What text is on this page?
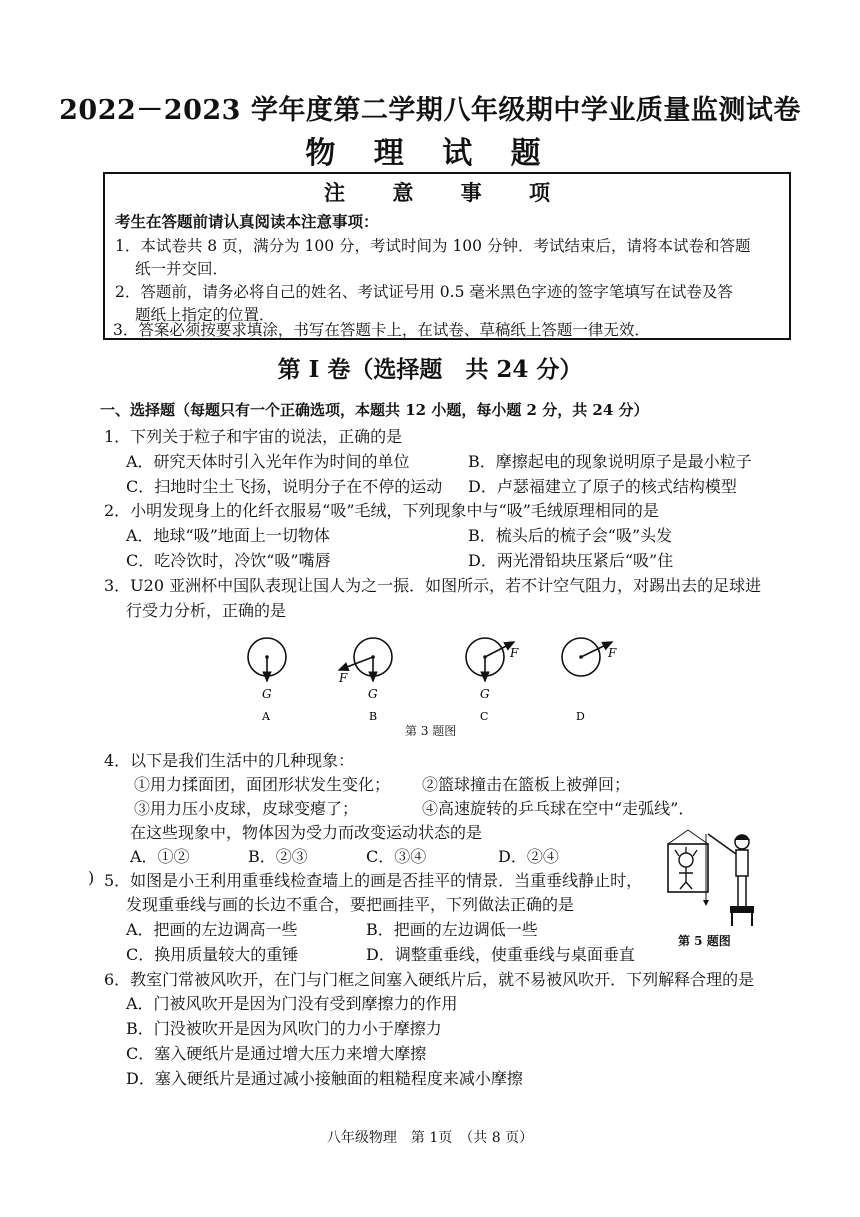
2022－2023 学年度第二学期八年级期中学业质量监测试卷
物 理 试 题
注 意 事 项
考生在答题前请认真阅读本注意事项：
1．本试卷共 8 页，满分为 100 分，考试时间为 100 分钟．考试结束后，请将本试卷和答题
纸一并交回．
2．答题前，请务必将自己的姓名、考试证号用 0.5 毫米黑色字迹的签字笔填写在试卷及答
题纸上指定的位置．
3．答案必须按要求填涂，书写在答题卡上，在试卷、草稿纸上答题一律无效．
第 I 卷（选择题　共 24 分）
一、选择题（每题只有一个正确选项，本题共 12 小题，每小题 2 分，共 24 分）
1．下列关于粒子和宇宙的说法，正确的是
A．研究天体时引入光年作为时间的单位	B．摩擦起电的现象说明原子是最小粒子
C．扫地时尘土飞扬，说明分子在不停的运动 D．卢瑟福建立了原子的核式结构模型
2．小明发现身上的化纤衣服易“吸”毛绒，下列现象中与“吸”毛绒原理相同的是
A．地球“吸”地面上一切物体	B．梳头后的梳子会“吸”头发
C．吃冷饮时，冷饮“吸”嘴唇	D．两光滑铅块压紧后“吸”住
3．U20 亚洲杯中国队表现让国人为之一振．如图所示，若不计空气阻力，对踢出去的足球进
行受力分析，正确的是
G	G
F
G
F	F
A	B	C	D
第 3 题图
4．以下是我们生活中的几种现象：
①用力揉面团，面团形状发生变化； ②篮球撞击在篮板上被弹回；
③用力压小皮球，皮球变瘪了；	④高速旋转的乒乓球在空中“走弧线”．
在这些现象中，物体因为受力而改变运动状态的是
A．①②	B．②③	C．③④	D．②④
) 5．如图是小王利用重垂线检查墙上的画是否挂平的情景．当重垂线静止时，
发现重垂线与画的长边不重合，要把画挂平，下列做法正确的是
A．把画的左边调高一些	B．把画的左边调低一些
C．换用质量较大的重锤	D．调整重垂线，使重垂线与桌面垂直
第 5 题图
6．教室门常被风吹开，在门与门框之间塞入硬纸片后，就不易被风吹开．下列解释合理的是
A．门被风吹开是因为门没有受到摩擦力的作用
B．门没被吹开是因为风吹门的力小于摩擦力
C．塞入硬纸片是通过增大压力来增大摩擦
D．塞入硬纸片是通过减小接触面的粗糙程度来减小摩擦
八年级物理　第 1页　（共 8 页）
